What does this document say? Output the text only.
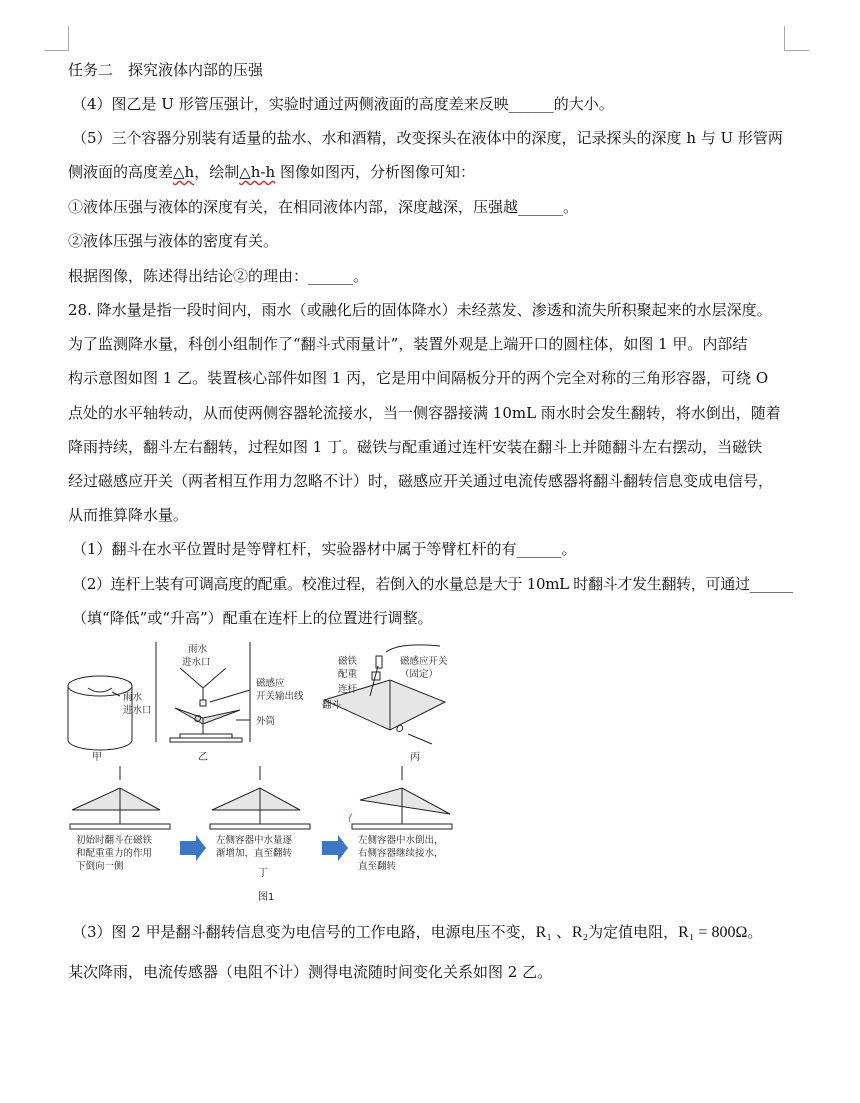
任务二　探究液体内部的压强
（4）图乙是 U 形管压强计，实验时通过两侧液面的高度差来反映______的大小。
（5）三个容器分别装有适量的盐水、水和酒精，改变探头在液体中的深度，记录探头的深度 h 与 U 形管两
侧液面的高度差△h，绘制△h-h 图像如图丙，分析图像可知：
①液体压强与液体的深度有关，在相同液体内部，深度越深，压强越______。
②液体压强与液体的密度有关。
根据图像，陈述得出结论②的理由：______。
28. 降水量是指一段时间内，雨水（或融化后的固体降水）未经蒸发、渗透和流失所积聚起来的水层深度。
为了监测降水量，科创小组制作了“翻斗式雨量计”，装置外观是上端开口的圆柱体，如图 1 甲。内部结
构示意图如图 1 乙。装置核心部件如图 1 丙，它是用中间隔板分开的两个完全对称的三角形容器，可绕 O
点处的水平轴转动，从而使两侧容器轮流接水，当一侧容器接满 10mL 雨水时会发生翻转，将水倒出，随着
降雨持续，翻斗左右翻转，过程如图 1 丁。磁铁与配重通过连杆安装在翻斗上并随翻斗左右摆动，当磁铁
经过磁感应开关（两者相互作用力忽略不计）时，磁感应开关通过电流传感器将翻斗翻转信息变成电信号，
从而推算降水量。
（1）翻斗在水平位置时是等臂杠杆，实验器材中属于等臂杠杆的有______。
（2）连杆上装有可调高度的配重。校准过程，若倒入的水量总是大于 10mL 时翻斗才发生翻转，可通过______
（填“降低”或“升高”）配重在连杆上的位置进行调整。
雨水
进水口
甲
雨水
进水口
磁感应
开关输出线
外筒
O
乙
磁铁
配重
连杆
翻斗
磁感应开关
（固定）
O
丙
初始时翻斗在磁铁
和配重重力的作用
下倒向一侧
左侧容器中水量逐
渐增加，直至翻转
左侧容器中水倒出，
右侧容器继续接水，
直至翻转
丁
图1
（3）图 2 甲是翻斗翻转信息变为电信号的工作电路，电源电压不变，R₁ 、R₂为定值电阻，R₁ = 800Ω。
某次降雨，电流传感器（电阻不计）测得电流随时间变化关系如图 2 乙。
